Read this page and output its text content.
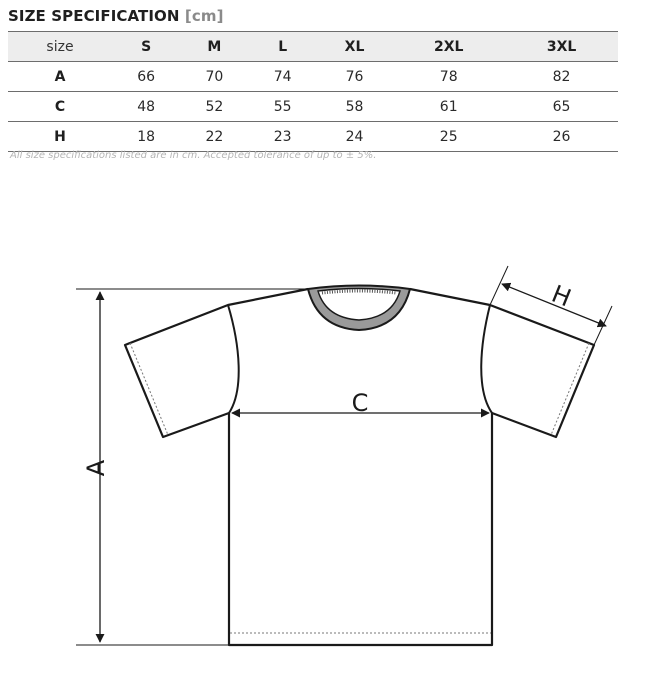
SIZE SPECIFICATION [cm]
size	S	M	L	XL	2XL	3XL
A	66	70	74	76	78	82
C	48	52	55	58	61	65
H	18	22	23	24	25	26
All size specifications listed are in cm. Accepted tolerance of up to ± 5%.
A
C
H
